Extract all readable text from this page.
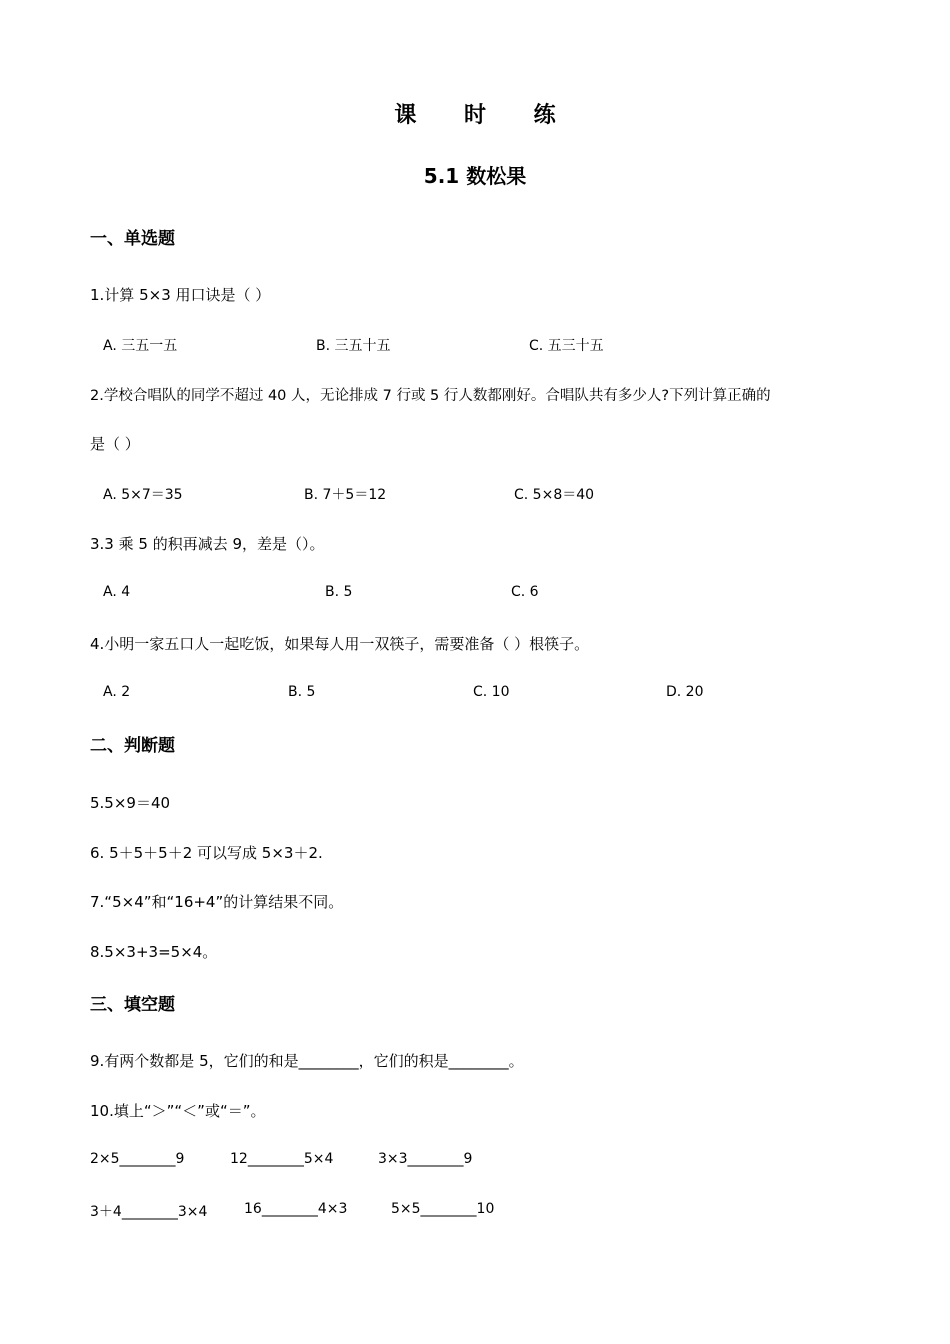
课 时 练
5.1 数松果
一、单选题
1.计算 5×3 用口诀是（ ）
A. 三五一五	B. 三五十五	C. 五三十五
2.学校合唱队的同学不超过 40 人，无论排成 7 行或 5 行人数都刚好。合唱队共有多少人?下列计算正确的
是（ ）
A. 5×7＝35	B. 7＋5＝12	C. 5×8＝40
3.3 乘 5 的积再减去 9，差是（）。
A. 4	B. 5	C. 6
4.小明一家五口人一起吃饭，如果每人用一双筷子，需要准备（ ）根筷子。
A. 2	B. 5	C. 10	D. 20
二、判断题
5.5×9＝40
6. 5＋5＋5＋2 可以写成 5×3＋2.
7.“5×4”和“16+4”的计算结果不同。
8.5×3+3=5×4。
三、填空题
9.有两个数都是 5，它们的和是________，它们的积是________。
10.填上“＞”“＜”或“＝”。
2×5________9	12________5×4	3×3________9
3＋4________3×4	16________4×3	5×5________10
